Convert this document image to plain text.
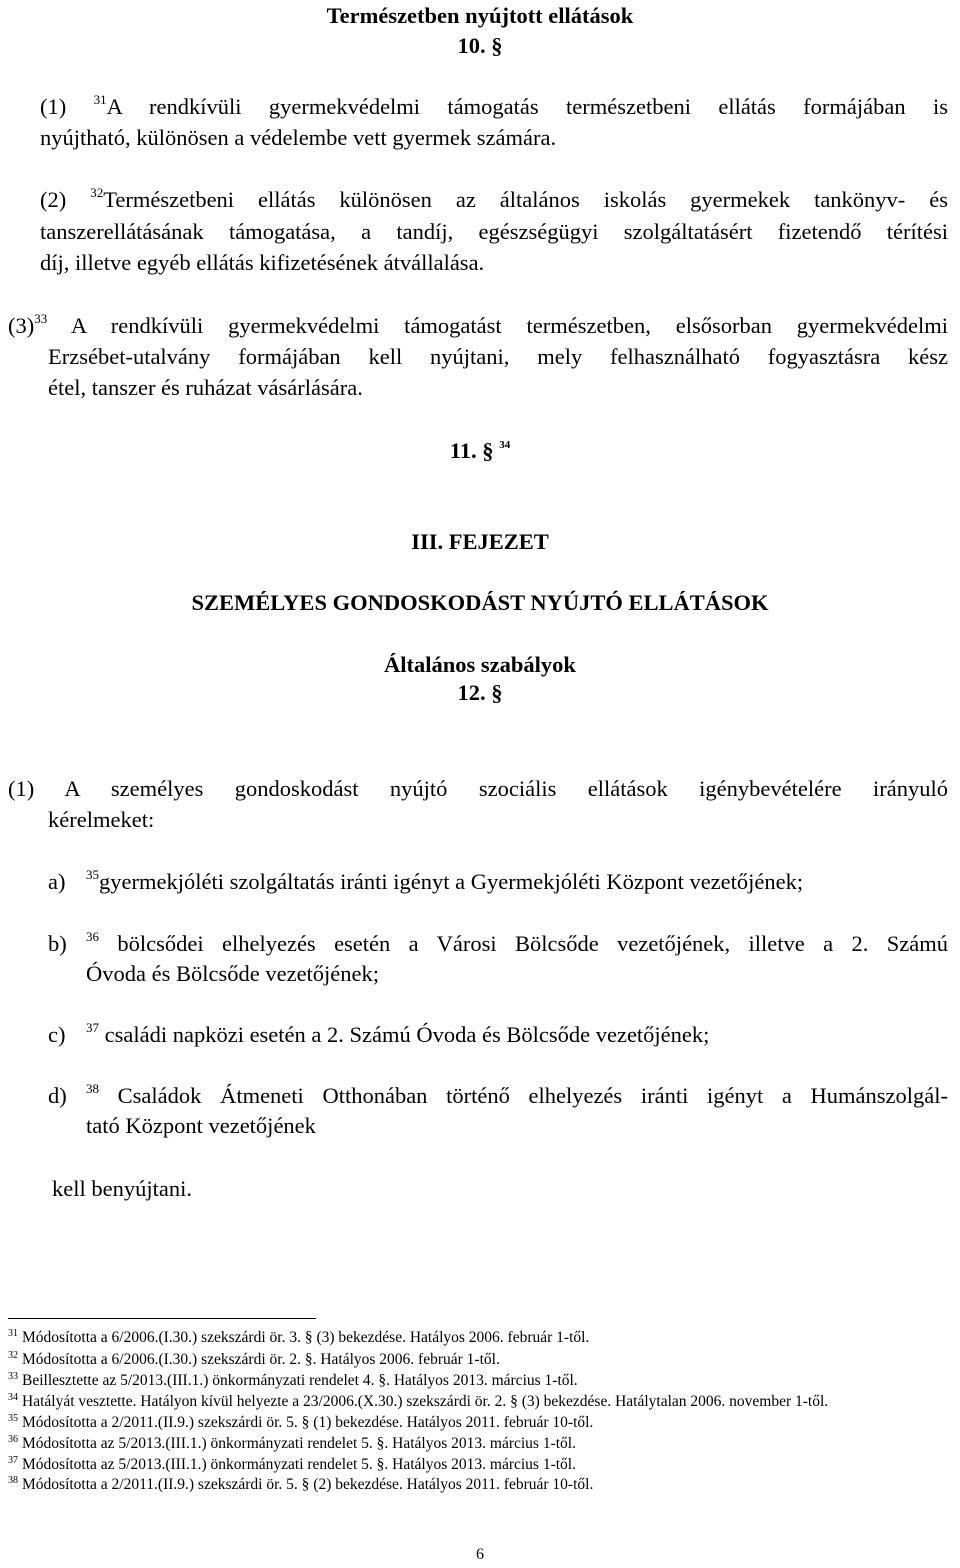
Természetben nyújtott ellátások
10. §
(1) $^{31}$A rendkívüli gyermekvédelmi támogatás természetbeni ellátás formájában is
nyújtható, különösen a védelembe vett gyermek számára.
(2) $^{32}$Természetbeni ellátás különösen az általános iskolás gyermekek tankönyv- és
tanszerellátásának támogatása, a tandíj, egészségügyi szolgáltatásért fizetendő térítési
díj, illetve egyéb ellátás kifizetésének átvállalása.
$(3)^{33}$ A rendkívüli gyermekvédelmi támogatást természetben, elsősorban gyermekvédelmi
Erzsébet-utalvány formájában kell nyújtani, mely felhasználható fogyasztásra kész
étel, tanszer és ruházat vásárlására.
11. § $^{34}$
III. FEJEZET
SZEMÉLYES GONDOSKODÁST NYÚJTÓ ELLÁTÁSOK
Általános szabályok
12. §
(1) A személyes gondoskodást nyújtó szociális ellátások igénybevételére irányuló
kérelmeket:
a) $^{35}$gyermekjóléti szolgáltatás iránti igényt a Gyermekjóléti Központ vezetőjének;
b) $^{36}$ bölcsődei elhelyezés esetén a Városi Bölcsőde vezetőjének, illetve a 2. Számú
Óvoda és Bölcsőde vezetőjének;
c) $^{37}$ családi napközi esetén a 2. Számú Óvoda és Bölcsőde vezetőjének;
d) $^{38}$ Családok Átmeneti Otthonában történő elhelyezés iránti igényt a Humánszolgál-
tató Központ vezetőjének
kell benyújtani.
$^{31}$ Módosította a 6/2006.(I.30.) szekszárdi ör. 3. § (3) bekezdése. Hatályos 2006. február 1-től.
$^{32}$ Módosította a 6/2006.(I.30.) szekszárdi ör. 2. §. Hatályos 2006. február 1-től.
$^{33}$ Beillesztette az 5/2013.(III.1.) önkormányzati rendelet 4. §. Hatályos 2013. március 1-től.
$^{34}$ Hatályát vesztette. Hatályon kívül helyezte a 23/2006.(X.30.) szekszárdi ör. 2. § (3) bekezdése. Hatálytalan 2006. november 1-től.
$^{35}$ Módosította a 2/2011.(II.9.) szekszárdi ör. 5. § (1) bekezdése. Hatályos 2011. február 10-től.
$^{36}$ Módosította az 5/2013.(III.1.) önkormányzati rendelet 5. §. Hatályos 2013. március 1-től.
$^{37}$ Módosította az 5/2013.(III.1.) önkormányzati rendelet 5. §. Hatályos 2013. március 1-től.
$^{38}$ Módosította a 2/2011.(II.9.) szekszárdi ör. 5. § (2) bekezdése. Hatályos 2011. február 10-től.
6
